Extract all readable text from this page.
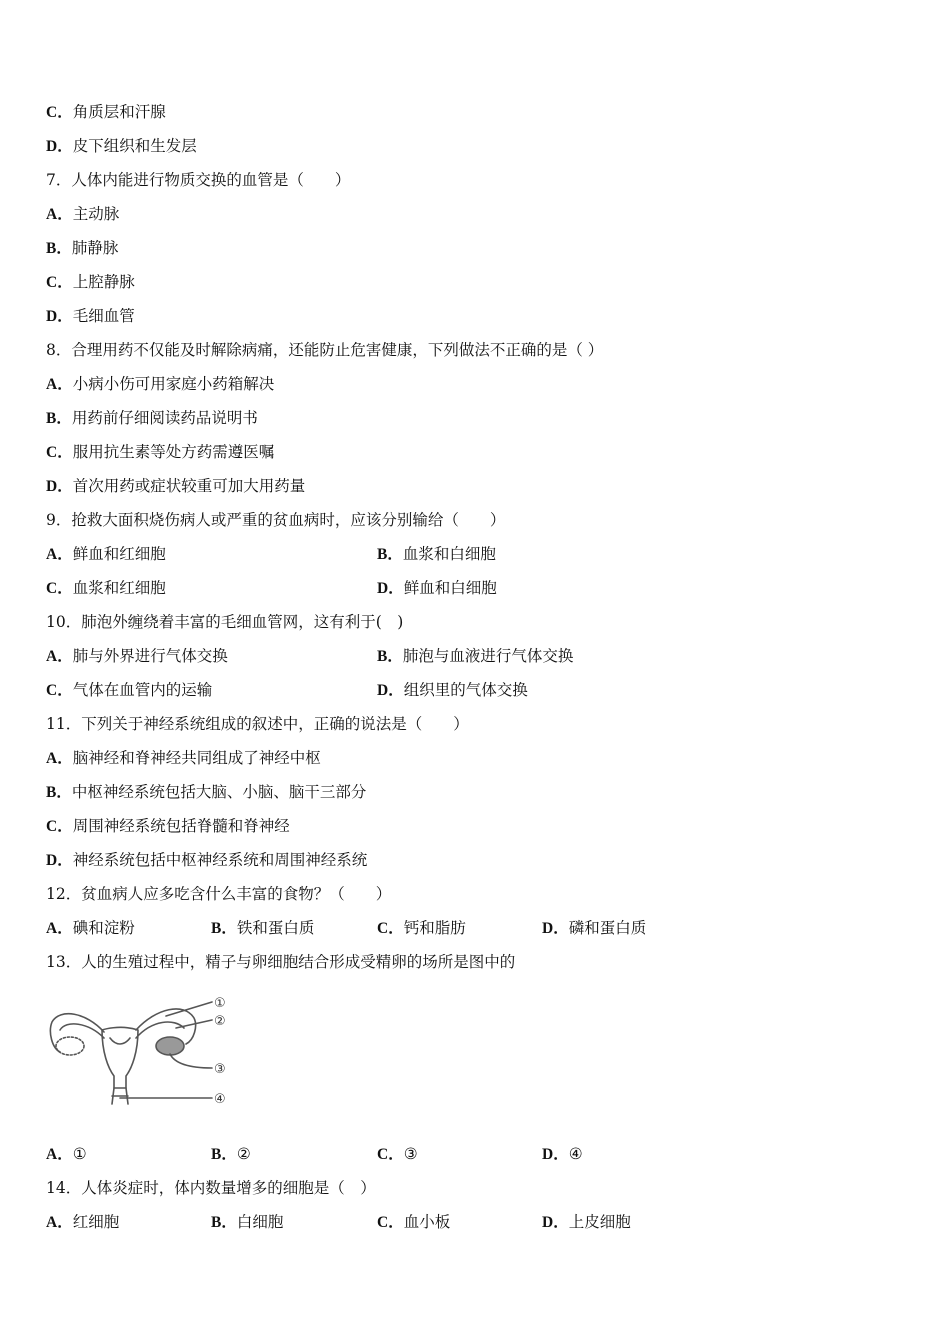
C．角质层和汗腺
D．皮下组织和生发层
7．人体内能进行物质交换的血管是（　　）
A．主动脉
B．肺静脉
C．上腔静脉
D．毛细血管
8．合理用药不仅能及时解除病痛，还能防止危害健康，下列做法不正确的是（ ）
A．小病小伤可用家庭小药箱解决
B．用药前仔细阅读药品说明书
C．服用抗生素等处方药需遵医嘱
D．首次用药或症状较重可加大用药量
9．抢救大面积烧伤病人或严重的贫血病时，应该分别输给（　　）
A．鲜血和红细胞	B．血浆和白细胞
C．血浆和红细胞	D．鲜血和白细胞
10．肺泡外缠绕着丰富的毛细血管网，这有利于(　)
A．肺与外界进行气体交换	B．肺泡与血液进行气体交换
C．气体在血管内的运输	D．组织里的气体交换
11．下列关于神经系统组成的叙述中，正确的说法是（　　）
A．脑神经和脊神经共同组成了神经中枢
B．中枢神经系统包括大脑、小脑、脑干三部分
C．周围神经系统包括脊髓和脊神经
D．神经系统包括中枢神经系统和周围神经系统
12．贫血病人应多吃含什么丰富的食物？（　　）
A．碘和淀粉	B．铁和蛋白质	C．钙和脂肪	D．磷和蛋白质
13．人的生殖过程中，精子与卵细胞结合形成受精卵的场所是图中的
①
②
③
④
A．①	B．②	C．③	D．④
14．人体炎症时，体内数量增多的细胞是（　）
A．红细胞	B．白细胞	C．血小板	D．上皮细胞
